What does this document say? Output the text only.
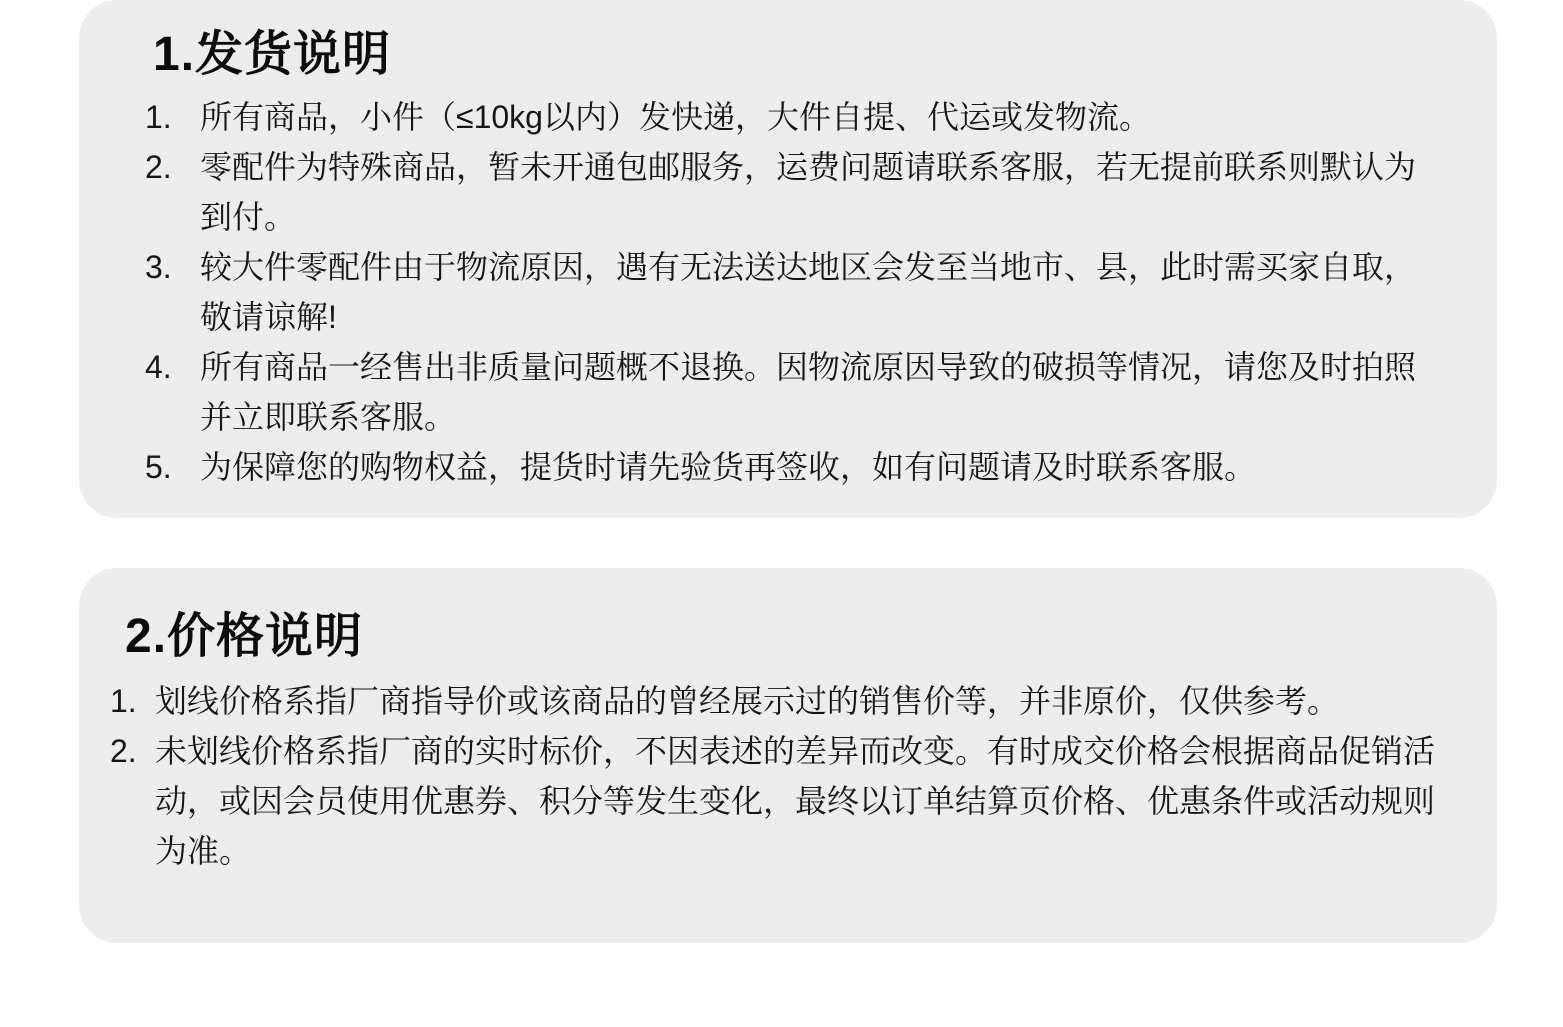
1.发货说明
1. 所有商品，小件（≤10kg以内）发快递，大件自提、代运或发物流。
2. 零配件为特殊商品，暂未开通包邮服务，运费问题请联系客服，若无提前联系则默认为到付。
3. 较大件零配件由于物流原因，遇有无法送达地区会发至当地市、县，此时需买家自取，敬请谅解!
4. 所有商品一经售出非质量问题概不退换。因物流原因导致的破损等情况，请您及时拍照并立即联系客服。
5. 为保障您的购物权益，提货时请先验货再签收，如有问题请及时联系客服。
2.价格说明
1. 划线价格系指厂商指导价或该商品的曾经展示过的销售价等，并非原价，仅供参考。
2. 未划线价格系指厂商的实时标价，不因表述的差异而改变。有时成交价格会根据商品促销活动，或因会员使用优惠券、积分等发生变化，最终以订单结算页价格、优惠条件或活动规则为准。
